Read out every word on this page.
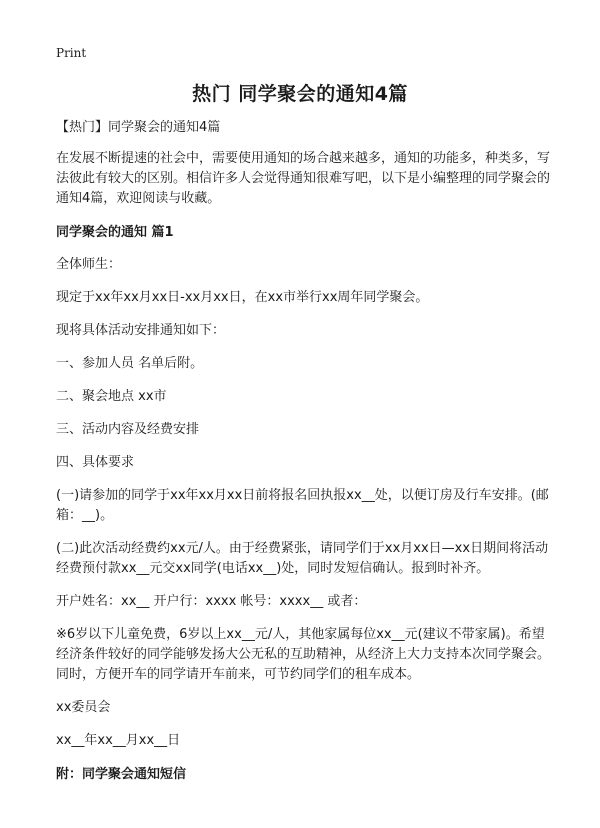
Print
热门 同学聚会的通知4篇

【热门】同学聚会的通知4篇

在发展不断提速的社会中，需要使用通知的场合越来越多，通知的功能多，种类多，写法彼此有较大的区别。相信许多人会觉得通知很难写吧，以下是小编整理的同学聚会的通知4篇，欢迎阅读与收藏。

同学聚会的通知 篇1

全体师生：

现定于xx年xx月xx日-xx月xx日，在xx市举行xx周年同学聚会。

现将具体活动安排通知如下：

一、参加人员 名单后附。

二、聚会地点 xx市

三、活动内容及经费安排

四、具体要求

(一)请参加的同学于xx年xx月xx日前将报名回执报xx__处，以便订房及行车安排。(邮箱：__)。

(二)此次活动经费约xx元/人。由于经费紧张，请同学们于xx月xx日—xx日期间将活动经费预付款xx__元交xx同学(电话xx__)处，同时发短信确认。报到时补齐。

开户姓名：xx__ 开户行：xxxx 帐号：xxxx__ 或者：

※6岁以下儿童免费，6岁以上xx__元/人，其他家属每位xx__元(建议不带家属)。希望经济条件较好的同学能够发扬大公无私的互助精神，从经济上大力支持本次同学聚会。同时，方便开车的同学请开车前来，可节约同学们的租车成本。

xx委员会

xx__年xx__月xx__日

附：同学聚会通知短信
